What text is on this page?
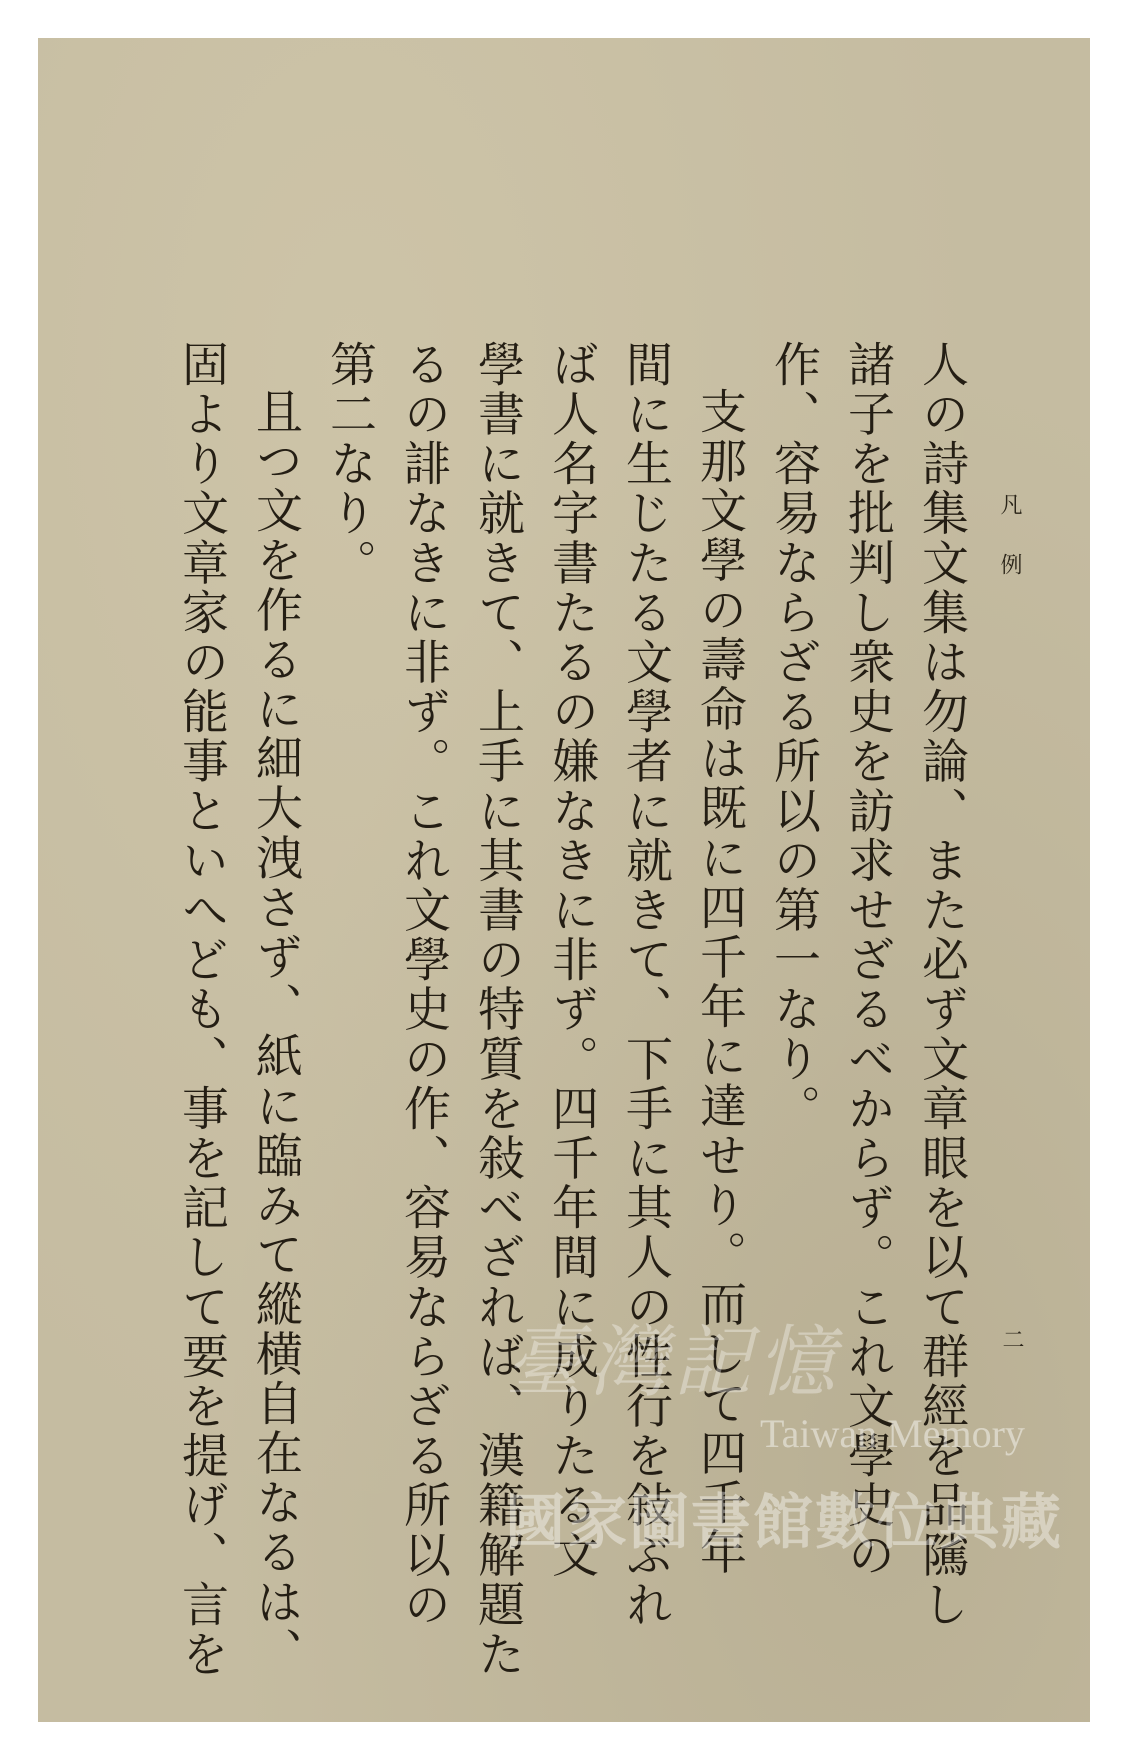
凡例
二
人の詩集文集は勿論、また必ず文章眼を以て群經を品隲し
諸子を批判し衆史を訪求せざるべからず。これ文學史の
作、容易ならざる所以の第一なり。
支那文學の壽命は既に四千年に達せり。而して四千年
間に生じたる文學者に就きて、下手に其人の性行を敍ぶれ
ば人名字書たるの嫌なきに非ず。四千年間に成りたる文
學書に就きて、上手に其書の特質を敍べざれば、漢籍解題た
るの誹なきに非ず。これ文學史の作、容易ならざる所以の
第二なり。
且つ文を作るに細大洩さず、紙に臨みて縱横自在なるは、
固より文章家の能事といへども、事を記して要を提げ、言を	臺灣記憶
Taiwan Memory
國家圖書館數位典藏
